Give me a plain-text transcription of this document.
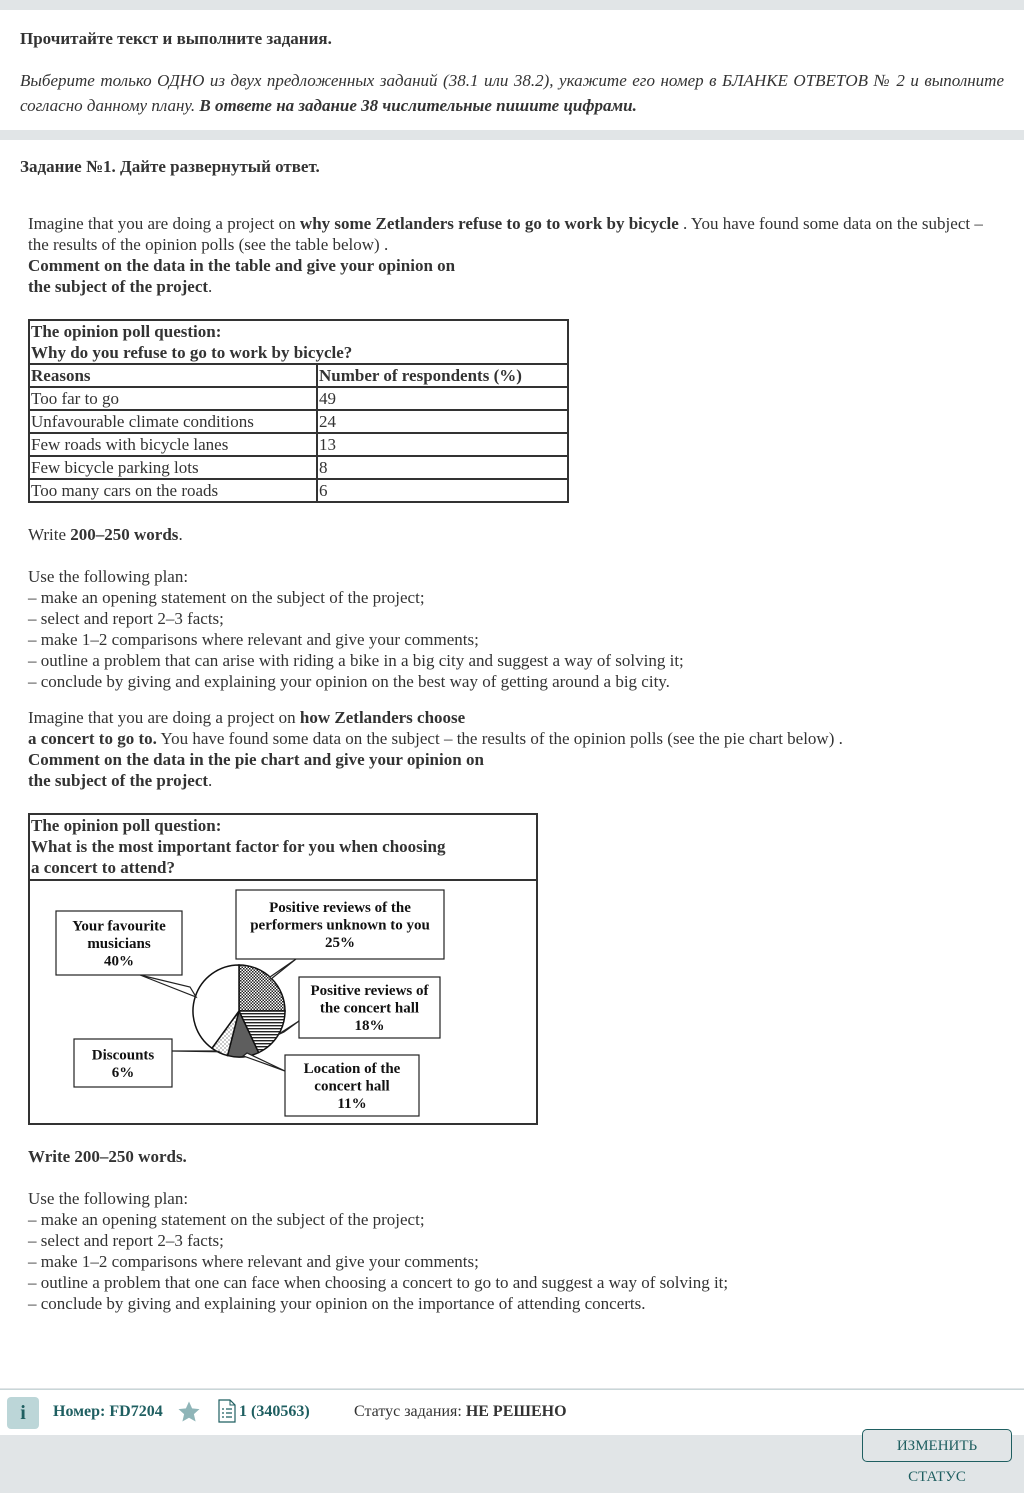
Прочитайте текст и выполните задания.

Выберите только ОДНО из двух предложенных заданий (38.1 или 38.2), укажите его номер в БЛАНКЕ ОТВЕТОВ № 2 и выполните согласно данному плану. В ответе на задание 38 числительные пишите цифрами.
Задание №1. Дайте развернутый ответ.

Imagine that you are doing a project on why some Zetlanders refuse to go to work by bicycle . You have found some data on the subject –

the results of the opinion polls (see the table below) .

Comment on the data in the table and give your opinion on

the subject of the project.

The opinion poll question:
Why do you refuse to go to work by bicycle?	

Reasons	Number of respondents (%)
Too far to go	49
Unfavourable climate conditions	24
Few roads with bicycle lanes	13
Few bicycle parking lots	8
Too many cars on the roads	6

Write 200–250 words.

Use the following plan:

– make an opening statement on the subject of the project;

– select and report 2–3 facts;

– make 1–2 comparisons where relevant and give your comments;

– outline a problem that can arise with riding a bike in a big city and suggest a way of solving it;

– conclude by giving and explaining your opinion on the best way of getting around a big city.

Imagine that you are doing a project on how Zetlanders choose

a concert to go to. You have found some data on the subject – the results of the opinion polls (see the pie chart below) .

Comment on the data in the pie chart and give your opinion on

the subject of the project.

The opinion poll question:
What is the most important factor for you when choosing
a concert to attend?
Positive reviews of the
performers unknown to you
25%
Positive reviews of
the concert hall
18%
Location of the
concert hall
11%
Discounts
6%
Your favourite
musicians
40%

Write 200–250 words.

Use the following plan:

– make an opening statement on the subject of the project;

– select and report 2–3 facts;

– make 1–2 comparisons where relevant and give your comments;

– outline a problem that one can face when choosing a concert to go to and suggest a way of solving it;

– conclude by giving and explaining your opinion on the importance of attending concerts.

i	Номер: FD7204	1 (340563)	Статус задания: НЕ РЕШЕНО
ИЗМЕНИТЬ СТАТУС
